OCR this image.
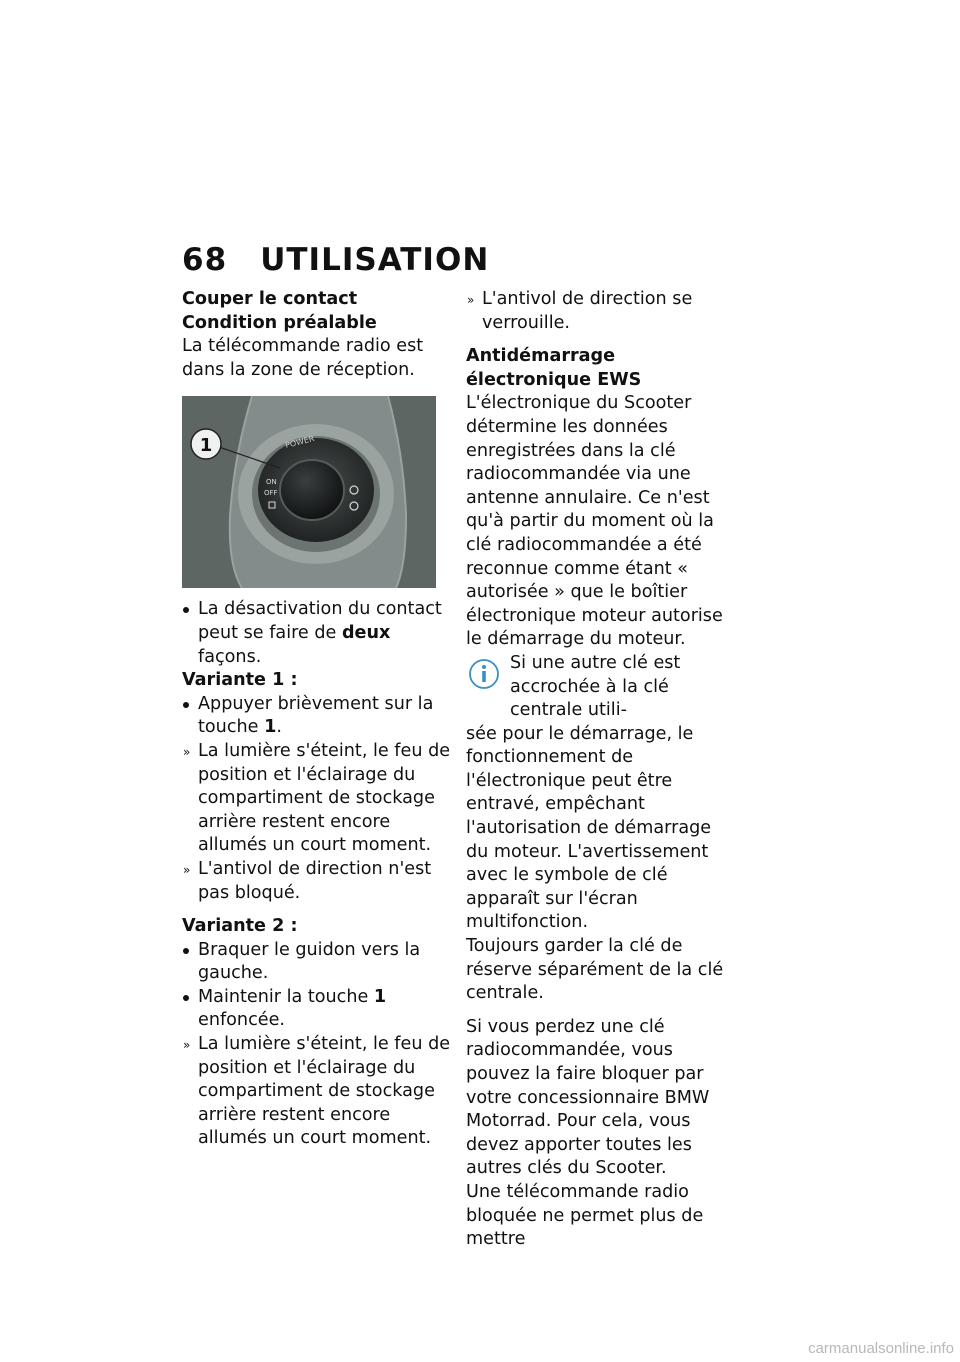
68 UTILISATION
Couper le contact
Condition préalable

La télécommande radio est dans la zone de réception.

POWER
ON
OFF
1
La désactivation du contact peut se faire de deux façons.
Variante 1 :
Appuyer brièvement sur la touche 1.
» La lumière s'éteint, le feu de position et l'éclairage du compartiment de stockage arrière restent encore allumés un court moment.
» L'antivol de direction n'est pas bloqué.
Variante 2 :
Braquer le guidon vers la gauche.
Maintenir la touche 1 enfoncée.
» La lumière s'éteint, le feu de position et l'éclairage du compartiment de stockage arrière restent encore allumés un court moment.
» L'antivol de direction se verrouille.
Antidémarrage électronique EWS

L'électronique du Scooter détermine les données enregistrées dans la clé radiocommandée via une antenne annulaire. Ce n'est qu'à partir du moment où la clé radiocommandée a été reconnue comme étant « autorisée » que le boîtier électronique moteur autorise le démarrage du moteur.

Si une autre clé est accrochée à la clé centrale utili-

sée pour le démarrage, le fonctionnement de l'électronique peut être entravé, empêchant l'autorisation de démarrage du moteur. L'avertissement avec le symbole de clé apparaît sur l'écran multifonction.

Toujours garder la clé de réserve séparément de la clé centrale.

Si vous perdez une clé radiocommandée, vous pouvez la faire bloquer par votre concessionnaire BMW Motorrad. Pour cela, vous devez apporter toutes les autres clés du Scooter.

Une télécommande radio bloquée ne permet plus de mettre

carmanualsonline.info
